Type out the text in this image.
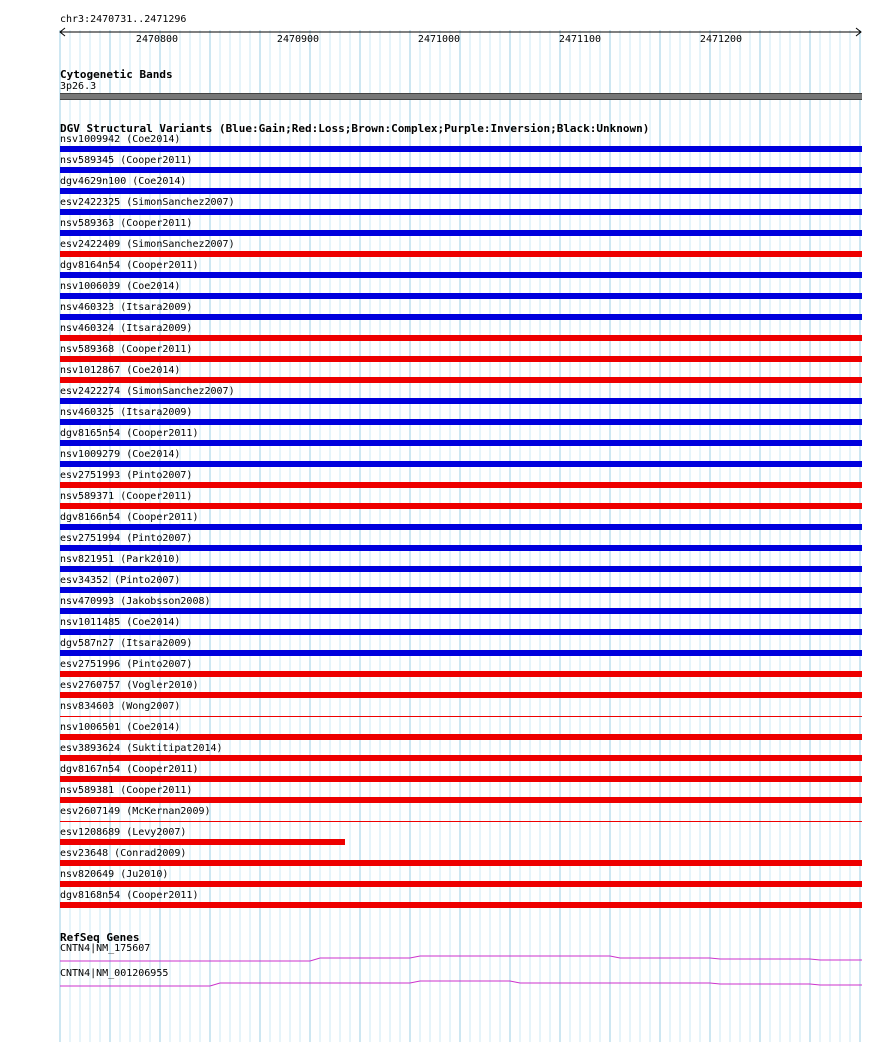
chr3:2470731..2471296
2470800	2470900	2471000	2471100	2471200
Cytogenetic Bands
3p26.3
DGV Structural Variants (Blue:Gain;Red:Loss;Brown:Complex;Purple:Inversion;Black:Unknown)
nsv1009942 (Coe2014)
nsv589345 (Cooper2011)
dgv4629n100 (Coe2014)
esv2422325 (SimonSanchez2007)
nsv589363 (Cooper2011)
esv2422409 (SimonSanchez2007)
dgv8164n54 (Cooper2011)
nsv1006039 (Coe2014)
nsv460323 (Itsara2009)
nsv460324 (Itsara2009)
nsv589368 (Cooper2011)
nsv1012867 (Coe2014)
esv2422274 (SimonSanchez2007)
nsv460325 (Itsara2009)
dgv8165n54 (Cooper2011)
nsv1009279 (Coe2014)
esv2751993 (Pinto2007)
nsv589371 (Cooper2011)
dgv8166n54 (Cooper2011)
esv2751994 (Pinto2007)
nsv821951 (Park2010)
esv34352 (Pinto2007)
nsv470993 (Jakobsson2008)
nsv1011485 (Coe2014)
dgv587n27 (Itsara2009)
esv2751996 (Pinto2007)
esv2760757 (Vogler2010)
nsv834603 (Wong2007)
nsv1006501 (Coe2014)
esv3893624 (Suktitipat2014)
dgv8167n54 (Cooper2011)
nsv589381 (Cooper2011)
esv2607149 (McKernan2009)
esv1208689 (Levy2007)
esv23648 (Conrad2009)
nsv820649 (Ju2010)
dgv8168n54 (Cooper2011)
RefSeq Genes
CNTN4|NM_175607
CNTN4|NM_001206955
